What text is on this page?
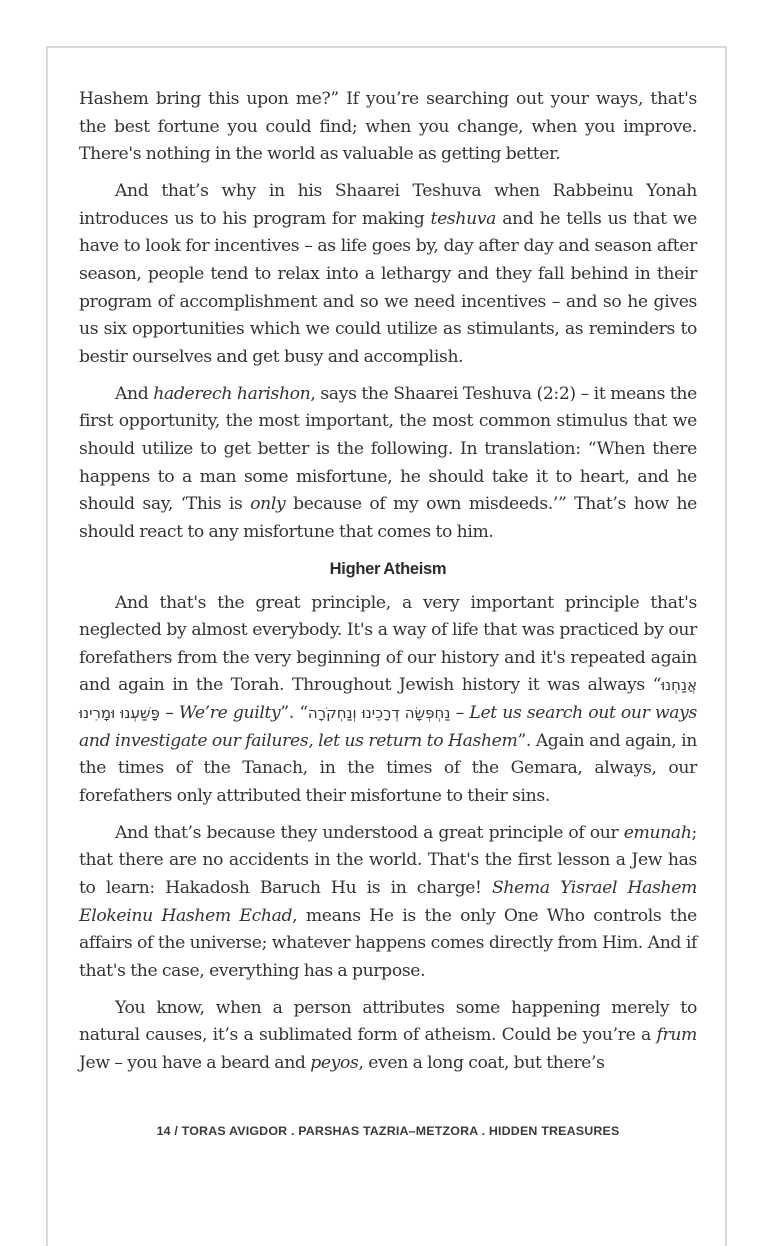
Hashem bring this upon me?” If you’re searching out your ways, that's the best fortune you could find; when you change, when you improve. There's nothing in the world as valuable as getting better.

And that’s why in his Shaarei Teshuva when Rabbeinu Yonah introduces us to his program for making teshuva and he tells us that we have to look for incentives – as life goes by, day after day and season after season, people tend to relax into a lethargy and they fall behind in their program of accomplishment and so we need incentives – and so he gives us six opportunities which we could utilize as stimulants, as reminders to bestir ourselves and get busy and accomplish.

And haderech harishon, says the Shaarei Teshuva (2:2) – it means the first opportunity, the most important, the most common stimulus that we should utilize to get better is the following. In translation: “When there happens to a man some misfortune, he should take it to heart, and he should say, ‘This is only because of my own misdeeds.’” That’s how he should react to any misfortune that comes to him.

Higher Atheism

And that's the great principle, a very important principle that's neglected by almost everybody. It's a way of life that was practiced by our forefathers from the very beginning of our history and it's repeated again and again in the Torah. Throughout Jewish history it was always “אֲנַחְנוּ פָּשַׁעְנוּ וּמָרִינוּ – We’re guilty”. “נַחְפְּשָׂה דְרָכֵינוּ וְנַחְקֹרָה – Let us search out our ways and investigate our failures, let us return to Hashem”. Again and again, in the times of the Tanach, in the times of the Gemara, always, our forefathers only attributed their misfortune to their sins.

And that’s because they understood a great principle of our emunah; that there are no accidents in the world. That's the first lesson a Jew has to learn: Hakadosh Baruch Hu is in charge! Shema Yisrael Hashem Elokeinu Hashem Echad, means He is the only One Who controls the affairs of the universe; whatever happens comes directly from Him. And if that's the case, everything has a purpose.

You know, when a person attributes some happening merely to natural causes, it’s a sublimated form of atheism. Could be you’re a frum Jew – you have a beard and peyos, even a long coat, but there’s

14 / TORAS AVIGDOR . PARSHAS TAZRIA–METZORA . HIDDEN TREASURES
